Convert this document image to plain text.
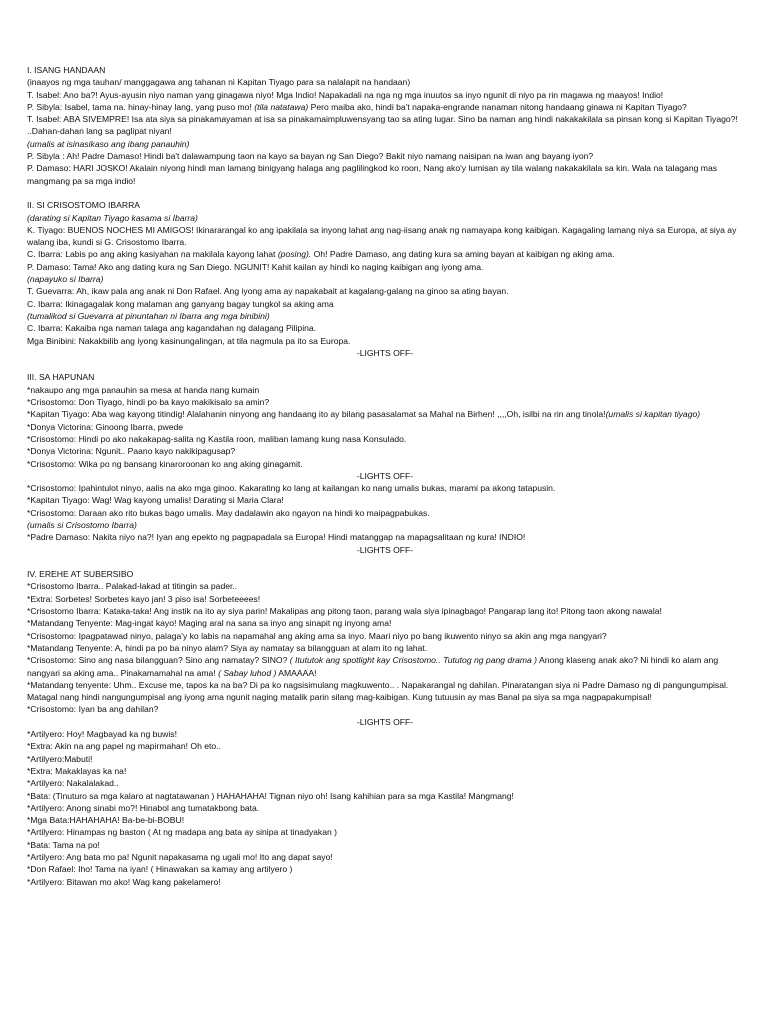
I. ISANG HANDAAN

(inaayos ng mga tauhan/ manggagawa ang tahanan ni Kapitan Tiyago para sa nalalapit na handaan)

T. Isabel: Ano ba?! Ayus-ayusin niyo naman yang ginagawa niyo! Mga Indio! Napakadali na nga ng mga inuutos sa inyo ngunit di niyo pa rin magawa ng maayos! Indio!

P. Sibyla: Isabel, tama na. hinay-hinay lang, yang puso mo! (tila natatawa) Pero maiba ako, hindi ba't napaka-engrande nanaman nitong handaang ginawa ni Kapitan Tiyago?

T. Isabel: ABA SIVEMPRE! Isa ata siya sa pinakamayaman at isa sa pinakamaimpluwensyang tao sa ating lugar. Sino ba naman ang hindi nakakakilala sa pinsan kong si Kapitan Tiyago?!

..Dahan-dahan lang sa paglipat niyan!

(umalis at isinasikaso ang ibang panauhin)

P. Sibyla : Ah! Padre Damaso! Hindi ba't dalawampung taon na kayo sa bayan ng San Diego? Bakit niyo namang naisipan na iwan ang bayang iyon?

P. Damaso: HARI JOSKO! Akalain niyong hindi man lamang binigyang halaga ang paglilingkod ko roon, Nang ako'y lumisan ay tila walang nakakakilala sa kin. Wala na talagang mas mangmang pa sa mga indio!

II. SI CRISOSTOMO IBARRA

(darating si Kapitan Tiyago kasama si Ibarra)

K. Tiyago: BUENOS NOCHES MI AMIGOS! Ikinararangal ko ang ipakilala sa inyong lahat ang nag-iisang anak ng namayapa kong kaibigan. Kagagaling lamang niya sa Europa, at siya ay walang iba, kundi si G. Crisostomo Ibarra.

C. Ibarra: Labis po ang aking kasiyahan na makilala kayong lahat (posing). Oh! Padre Damaso, ang dating kura sa aming bayan at kaibigan ng aking ama.

P. Damaso: Tama! Ako ang dating kura ng San Diego. NGUNIT! Kahit kailan ay hindi ko naging kaibigan ang iyong ama.

(napayuko si Ibarra)

T. Guevarra: Ah, ikaw pala ang anak ni Don Rafael. Ang iyong ama ay napakabait at kagalang-galang na ginoo sa ating bayan.

C. Ibarra: Ikinagagalak kong malaman ang ganyang bagay tungkol sa aking ama

(tumalikod si Guevarra at pinuntahan ni Ibarra ang mga binibini)

C. Ibarra: Kakaiba nga naman talaga ang kagandahan ng dalagang Pilipina.

Mga Binibini: Nakakbilib ang iyong kasinungalingan, at tila nagmula pa ito sa Europa.

-LIGHTS OFF-

III. SA HAPUNAN

*nakaupo ang mga panauhin sa mesa at handa nang kumain

*Crisostomo: Don Tiyago, hindi po ba kayo makikisalo sa amin?

*Kapitan Tiyago: Aba wag kayong titindig! Alalahanin ninyong ang handaang ito ay bilang pasasalamat sa Mahal na Birhen! ,,,,Oh, isilbi na rin ang tinola!(umalis si kapitan tiyago)

*Donya Victorina: Ginoong Ibarra, pwede

*Crisostomo: Hindi po ako nakakapag-salita ng Kastila roon, maliban lamang kung nasa Konsulado.

*Donya Victorina: Ngunit.. Paano kayo nakikipagusap?

*Crisostomo: Wika po ng bansang kinaroroonan ko ang aking ginagamit.

-LIGHTS OFF-

*Crisostomo: Ipahintulot ninyo, aalis na ako mga ginoo. Kakarating ko lang at kailangan ko nang umalis bukas, marami pa akong tatapusin.

*Kapitan Tiyago: Wag! Wag kayong umalis! Darating si Maria Clara!

*Crisostomo: Daraan ako rito bukas bago umalis. May dadalawin ako ngayon na hindi ko maipagpabukas.

(umalis si Crisostomo Ibarra)

*Padre Damaso: Nakita niyo na?! Iyan ang epekto ng pagpapadala sa Europa! Hindi matanggap na mapagsalitaan ng kura! INDIO!

-LIGHTS OFF-

IV. EREHE AT SUBERSIBO

*Crisostomo Ibarra.. Palakad-lakad at titingin sa pader..

*Extra: Sorbetes! Sorbetes kayo jan! 3 piso isa! Sorbeteeees!

*Crisostomo Ibarra: Kataka-taka! Ang instik na ito ay siya parin! Makalipas ang pitong taon, parang wala siya ipinagbago! Pangarap lang ito! Pitong taon akong nawala!

*Matandang Tenyente: Mag-ingat kayo! Maging aral na sana sa inyo ang sinapit ng inyong ama!

*Crisostomo: Ipagpatawad ninyo, palaga'y ko labis na napamahal ang aking ama sa inyo. Maari niyo po bang ikuwento ninyo sa akin ang mga nangyari?

*Matandang Tenyente: A, hindi pa po ba ninyo alam? Siya ay namatay sa bilangguan at alam ito ng lahat.

*Crisostomo: Sino ang nasa bilangguan? Sino ang namatay? SINO? ( Itututok ang spotlight kay Crisostomo.. Tututog ng pang drama ) Anong klaseng anak ako? Ni hindi ko alam ang nangyari sa aking ama.. Pinakamamahal na ama! ( Sabay luhod ) AMAAAA!

*Matandang tenyente: Uhm.. Excuse me, tapos ka na ba? Di pa ko nagsisimulang magkuwento.. . Napakarangal ng dahilan. Pinaratangan siya ni Padre Damaso ng di pangungumpisal. Matagal nang hindi nangungumpisal ang iyong ama ngunit naging matalik parin silang mag-kaibigan. Kung tutuusin ay mas Banal pa siya sa mga nagpapakumpisal!

*Crisostomo: Iyan ba ang dahilan?

-LIGHTS OFF-

*Artilyero: Hoy! Magbayad ka ng buwis!

*Extra: Akin na ang papel ng mapirmahan! Oh eto..

*Artilyero:Mabuti!

*Extra: Makaklayas ka na!

*Artilyero: Nakalalakad..

*Bata: (Tinuturo sa mga kalaro at nagtatawanan ) HAHAHAHA! Tignan niyo oh! Isang kahihian para sa mga Kastila! Mangmang!

*Artilyero: Anong sinabi mo?! Hinabol ang tumatakbong bata.

*Mga Bata:HAHAHAHA! Ba-be-bi-BOBU!

*Artilyero: Hinampas ng baston ( At ng madapa ang bata ay sinipa at tinadyakan )

*Bata: Tama na po!

*Artilyero: Ang bata mo pa! Ngunit napakasama ng ugali mo! Ito ang dapat sayo!

*Don Rafael: Iho! Tama na iyan! ( Hinawakan sa kamay ang artilyero )

*Artilyero: Bitawan mo ako! Wag kang pakelamero!
